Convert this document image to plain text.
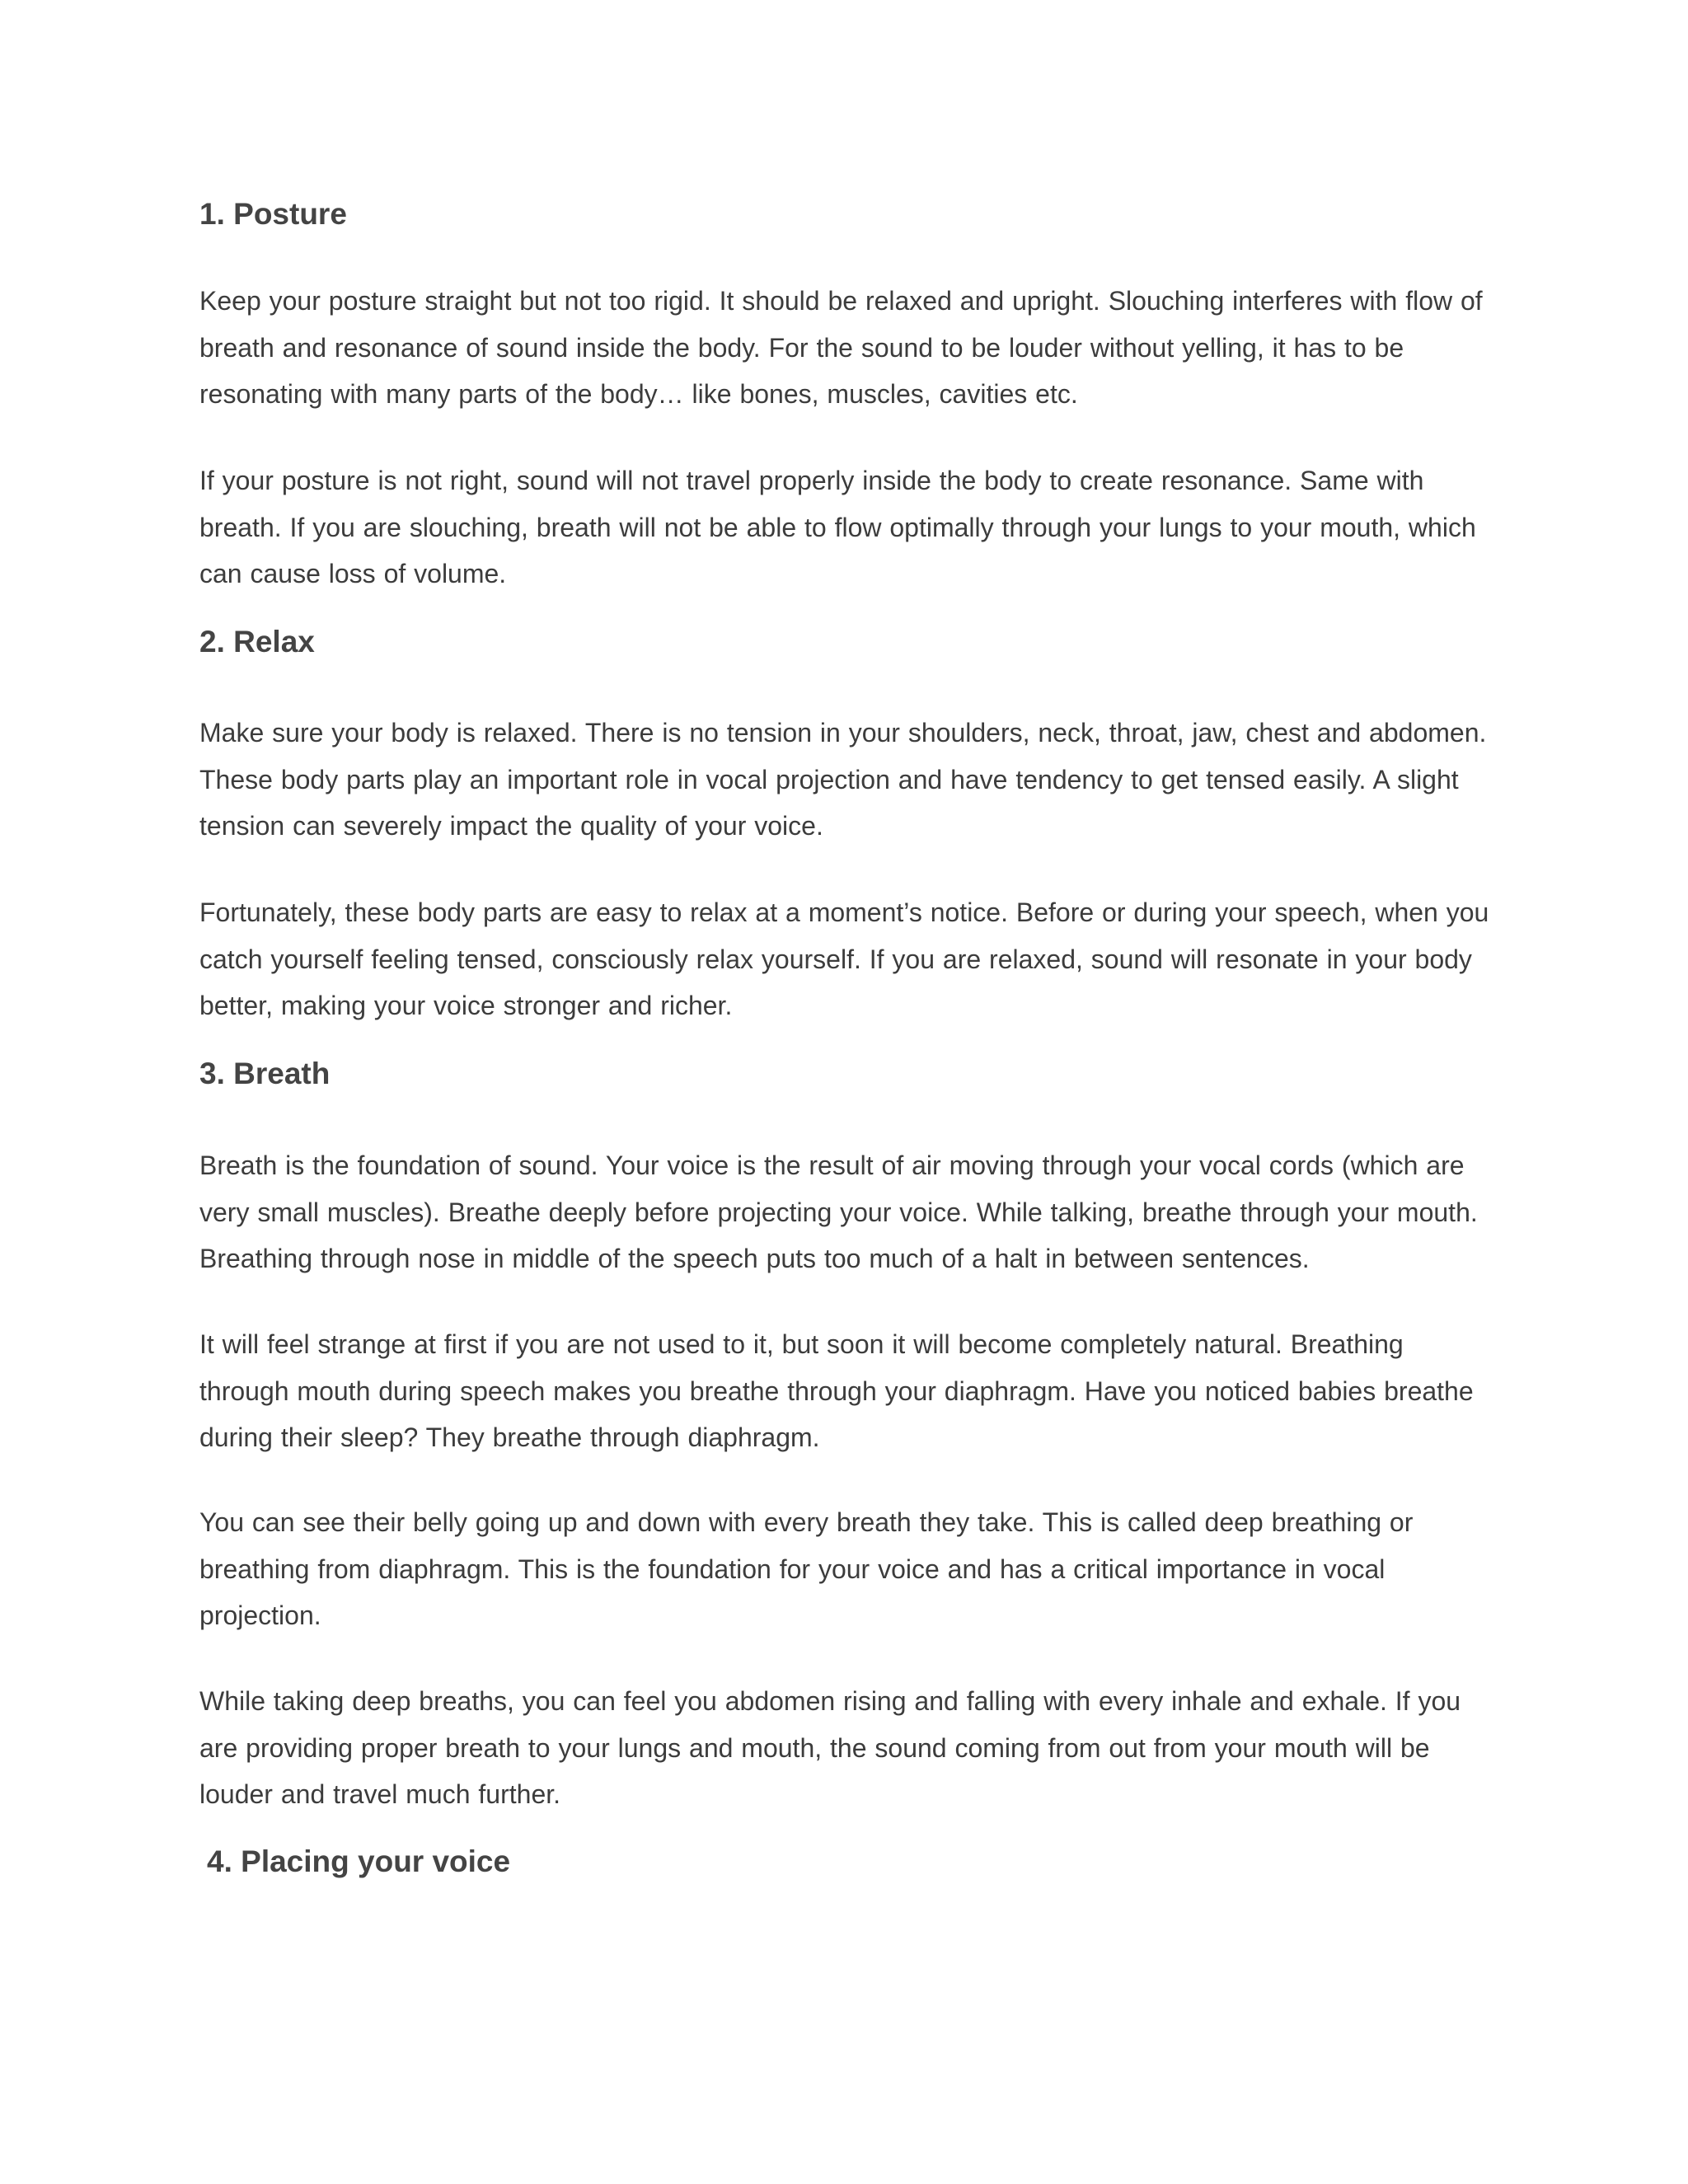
1. Posture

Keep your posture straight but not too rigid. It should be relaxed and upright. Slouching interferes with flow of breath and resonance of sound inside the body. For the sound to be louder without yelling, it has to be resonating with many parts of the body… like bones, muscles, cavities etc.

If your posture is not right, sound will not travel properly inside the body to create resonance. Same with breath. If you are slouching, breath will not be able to flow optimally through your lungs to your mouth, which can cause loss of volume.

2. Relax

Make sure your body is relaxed. There is no tension in your shoulders, neck, throat, jaw, chest and abdomen. These body parts play an important role in vocal projection and have tendency to get tensed easily. A slight tension can severely impact the quality of your voice.

Fortunately, these body parts are easy to relax at a moment’s notice. Before or during your speech, when you catch yourself feeling tensed, consciously relax yourself. If you are relaxed, sound will resonate in your body better, making your voice stronger and richer.

3. Breath

Breath is the foundation of sound. Your voice is the result of air moving through your vocal cords (which are very small muscles). Breathe deeply before projecting your voice. While talking, breathe through your mouth. Breathing through nose in middle of the speech puts too much of a halt in between sentences.

It will feel strange at first if you are not used to it, but soon it will become completely natural. Breathing through mouth during speech makes you breathe through your diaphragm. Have you noticed babies breathe during their sleep? They breathe through diaphragm.

You can see their belly going up and down with every breath they take. This is called deep breathing or breathing from diaphragm. This is the foundation for your voice and has a critical importance in vocal projection.

While taking deep breaths, you can feel you abdomen rising and falling with every inhale and exhale. If you are providing proper breath to your lungs and mouth, the sound coming from out from your mouth will be louder and travel much further.

4. Placing your voice
